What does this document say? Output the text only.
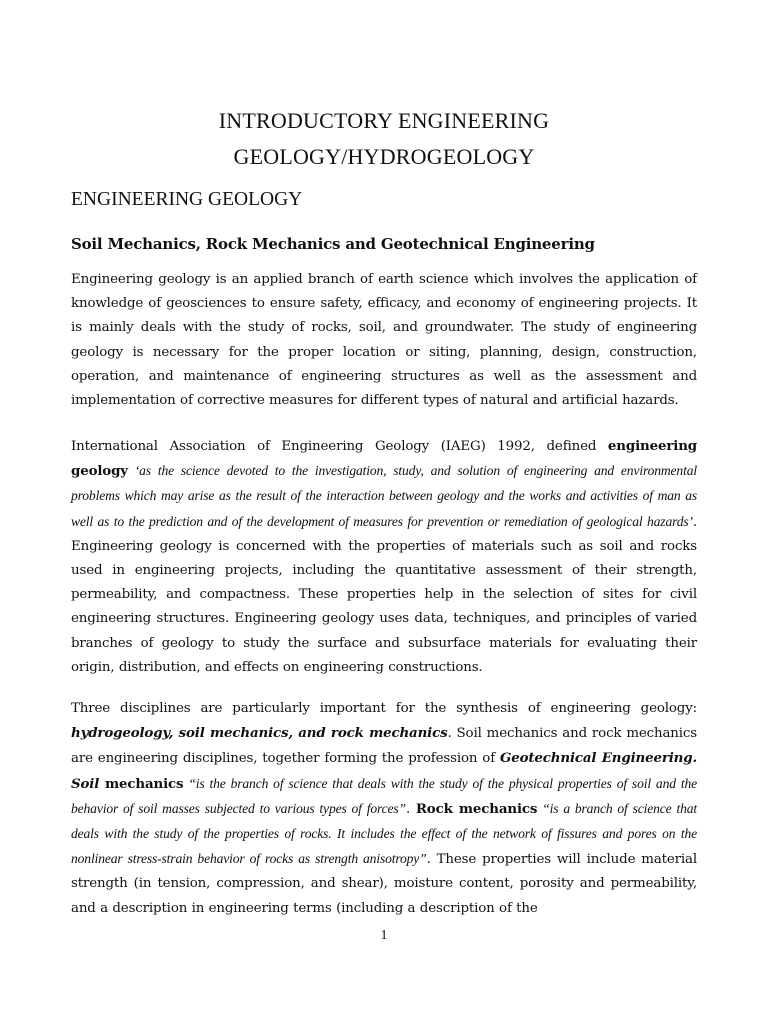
INTRODUCTORY ENGINEERING
GEOLOGY/HYDROGEOLOGY
ENGINEERING GEOLOGY
Soil Mechanics, Rock Mechanics and Geotechnical Engineering
Engineering geology is an applied branch of earth science which involves the application of knowledge of geosciences to ensure safety, efficacy, and economy of engineering projects. It is mainly deals with the study of rocks, soil, and groundwater. The study of engineering geology is necessary for the proper location or siting, planning, design, construction, operation, and maintenance of engineering structures as well as the assessment and implementation of corrective measures for different types of natural and artificial hazards.
International Association of Engineering Geology (IAEG) 1992, defined engineering geology ‘as the science devoted to the investigation, study, and solution of engineering and environmental problems which may arise as the result of the interaction between geology and the works and activities of man as well as to the prediction and of the development of measures for prevention or remediation of geological hazards’. Engineering geology is concerned with the properties of materials such as soil and rocks used in engineering projects, including the quantitative assessment of their strength, permeability, and compactness. These properties help in the selection of sites for civil engineering structures. Engineering geology uses data, techniques, and principles of varied branches of geology to study the surface and subsurface materials for evaluating their origin, distribution, and effects on engineering constructions.
Three disciplines are particularly important for the synthesis of engineering geology: hydrogeology, soil mechanics, and rock mechanics. Soil mechanics and rock mechanics are engineering disciplines, together forming the profession of Geotechnical Engineering. Soil mechanics “is the branch of science that deals with the study of the physical properties of soil and the behavior of soil masses subjected to various types of forces”. Rock mechanics “is a branch of science that deals with the study of the properties of rocks. It includes the effect of the network of fissures and pores on the nonlinear stress-strain behavior of rocks as strength anisotropy”. These properties will include material strength (in tension, compression, and shear), moisture content, porosity and permeability, and a description in engineering terms (including a description of the
1
